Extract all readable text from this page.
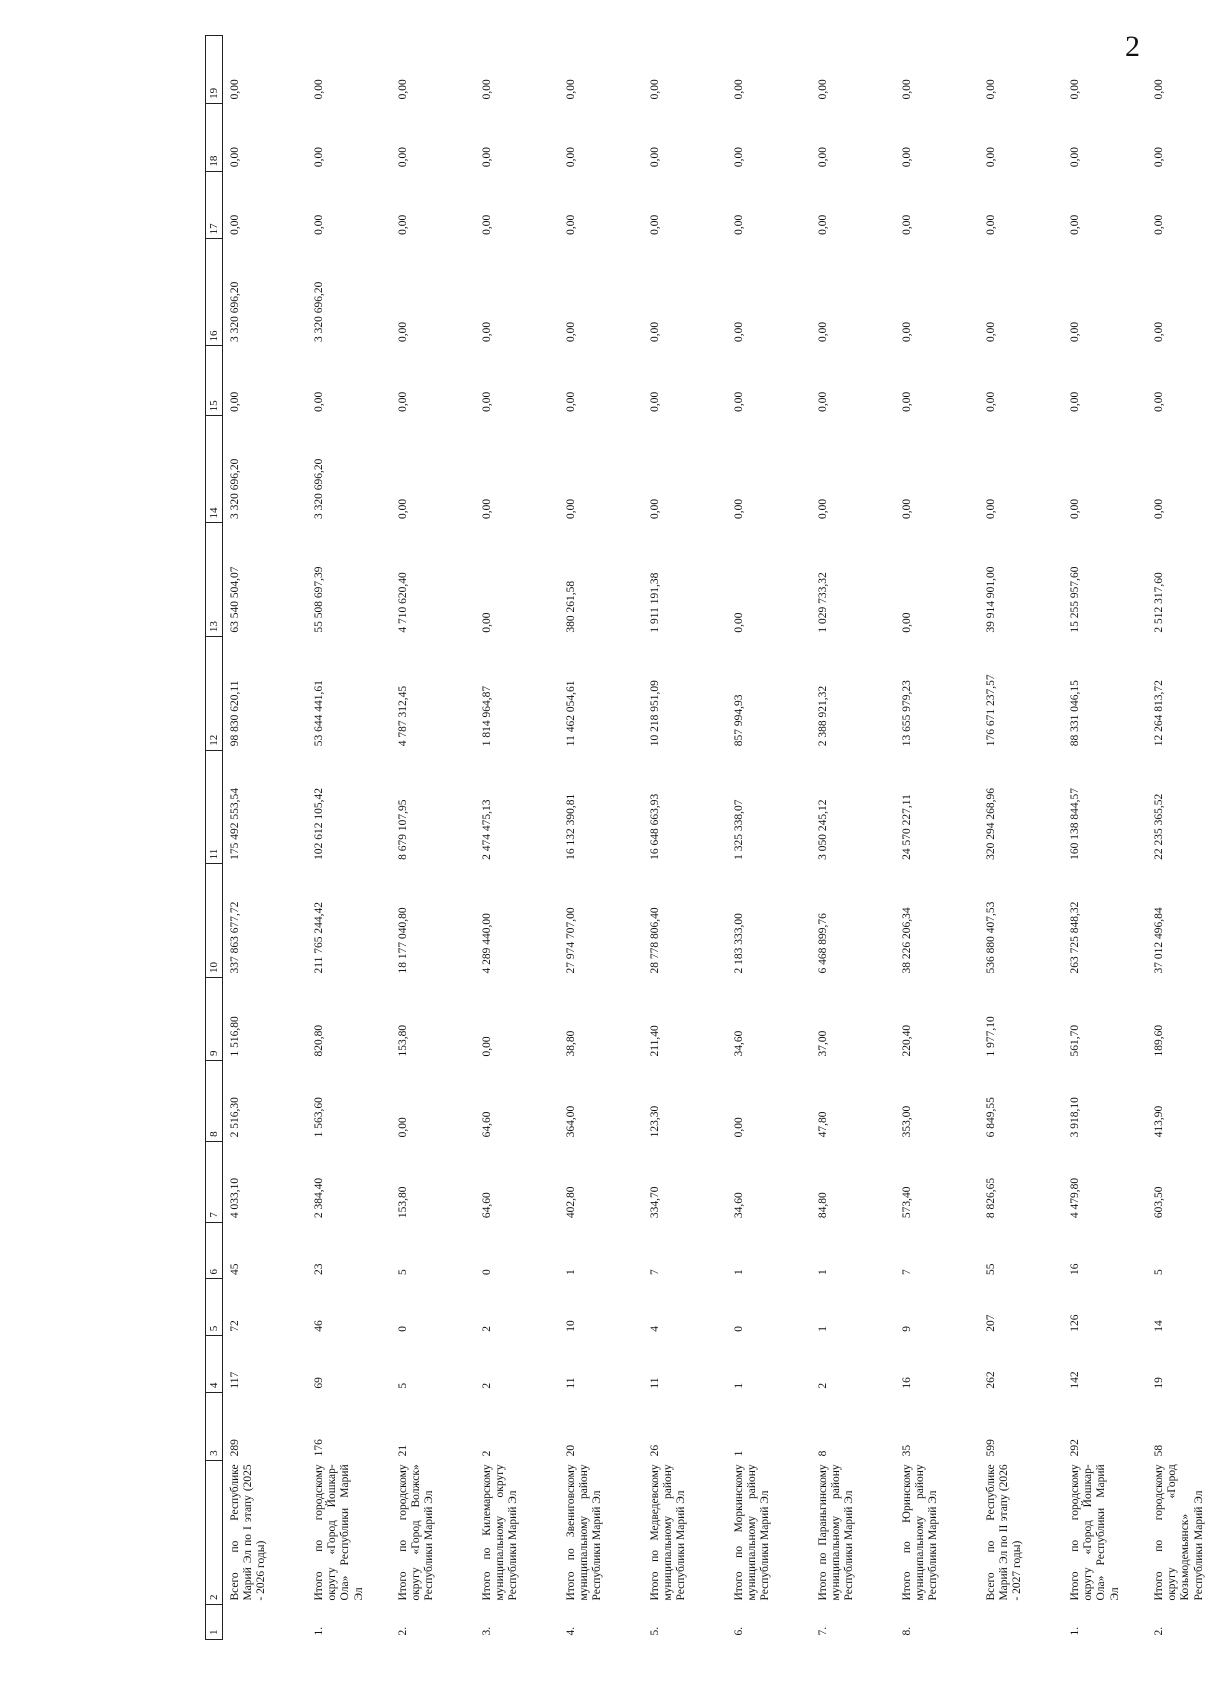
2
1	2	3	4	5	6	7	8	9	10	11	12	13	14	15	16	17	18	19
	Всего по Республике Марий Эл по I этапу (2025 - 2026 годы)	289	117	72	45	4 033,10	2 516,30	1 516,80	337 863 677,72	175 492 553,54	98 830 620,11	63 540 504,07	3 320 696,20	0,00	3 320 696,20	0,00	0,00	0,00
1.	Итого по городскому округу «Город Йошкар-Ола» Республики Марий Эл	176	69	46	23	2 384,40	1 563,60	820,80	211 765 244,42	102 612 105,42	53 644 441,61	55 508 697,39	3 320 696,20	0,00	3 320 696,20	0,00	0,00	0,00
2.	Итого по городскому округу «Город Волжск» Республики Марий Эл	21	5	0	5	153,80	0,00	153,80	18 177 040,80	8 679 107,95	4 787 312,45	4 710 620,40	0,00	0,00	0,00	0,00	0,00	0,00
3.	Итого по Килемарскому муниципальному округу Республики Марий Эл	2	2	2	0	64,60	64,60	0,00	4 289 440,00	2 474 475,13	1 814 964,87	0,00	0,00	0,00	0,00	0,00	0,00	0,00
4.	Итого по Звениговскому муниципальному району Республики Марий Эл	20	11	10	1	402,80	364,00	38,80	27 974 707,00	16 132 390,81	11 462 054,61	380 261,58	0,00	0,00	0,00	0,00	0,00	0,00
5.	Итого по Медведевскому муниципальному району Республики Марий Эл	26	11	4	7	334,70	123,30	211,40	28 778 806,40	16 648 663,93	10 218 951,09	1 911 191,38	0,00	0,00	0,00	0,00	0,00	0,00
6.	Итого по Моркинскому муниципальному району Республики Марий Эл	1	1	0	1	34,60	0,00	34,60	2 183 333,00	1 325 338,07	857 994,93	0,00	0,00	0,00	0,00	0,00	0,00	0,00
7.	Итого по Параньгинскому муниципальному району Республики Марий Эл	8	2	1	1	84,80	47,80	37,00	6 468 899,76	3 050 245,12	2 388 921,32	1 029 733,32	0,00	0,00	0,00	0,00	0,00	0,00
8.	Итого по Юринскому муниципальному району Республики Марий Эл	35	16	9	7	573,40	353,00	220,40	38 226 206,34	24 570 227,11	13 655 979,23	0,00	0,00	0,00	0,00	0,00	0,00	0,00
	Всего по Республике Марий Эл по II этапу (2026 - 2027 годы)	599	262	207	55	8 826,65	6 849,55	1 977,10	536 880 407,53	320 294 268,96	176 671 237,57	39 914 901,00	0,00	0,00	0,00	0,00	0,00	0,00
1.	Итого по городскому округу «Город Йошкар-Ола» Республики Марий Эл	292	142	126	16	4 479,80	3 918,10	561,70	263 725 848,32	160 138 844,57	88 331 046,15	15 255 957,60	0,00	0,00	0,00	0,00	0,00	0,00
2.	Итого по городскому округу «Город Козьмодемьянск» Республики Марий Эл	58	19	14	5	603,50	413,90	189,60	37 012 496,84	22 235 365,52	12 264 813,72	2 512 317,60	0,00	0,00	0,00	0,00	0,00	0,00
